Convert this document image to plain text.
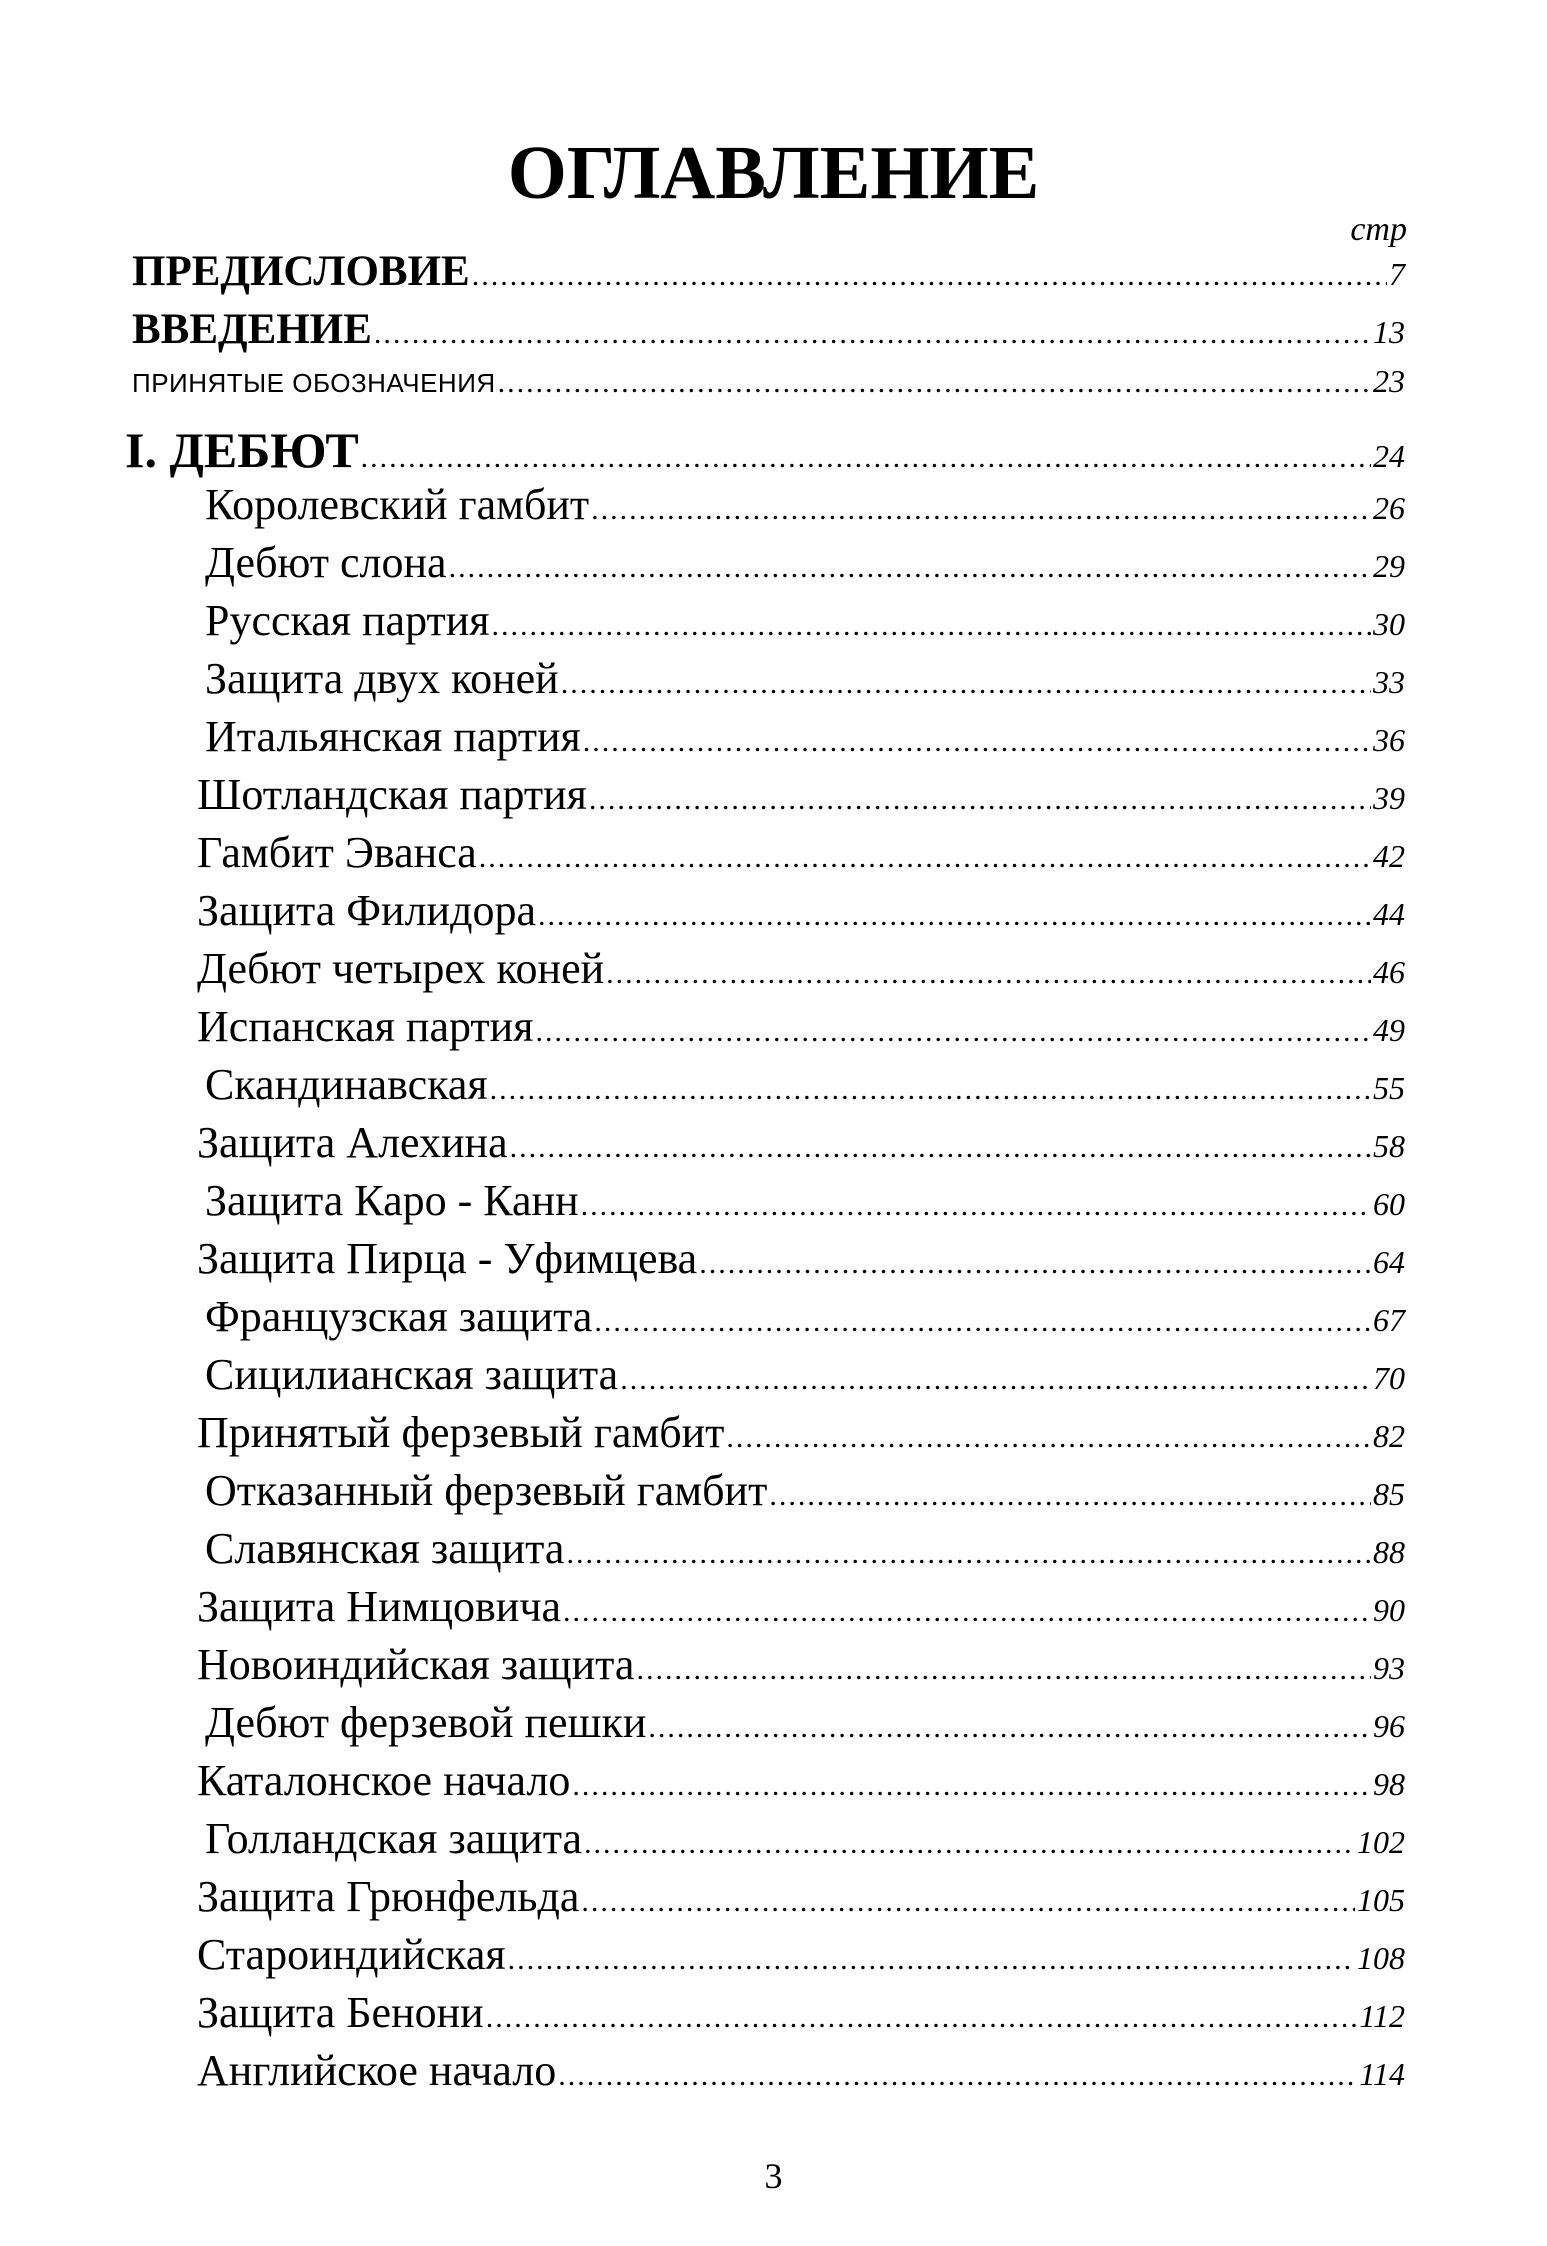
ОГЛАВЛЕНИЕ
стр
ПРЕДИСЛОВИЕ .....	7
ВВЕДЕНИЕ .....	13
ПРИНЯТЫЕ ОБОЗНАЧЕНИЯ .....	23
I. ДЕБЮТ .....	24
Королевский гамбит .....	26
Дебют слона .....	29
Русская партия .....	30
Защита двух коней .....	33
Итальянская партия .....	36
Шотландская партия .....	39
Гамбит Эванса .....	42
Защита Филидора .....	44
Дебют четырех коней .....	46
Испанская партия .....	49
Скандинавская .....	55
Защита Алехина .....	58
Защита Каро - Канн .....	60
Защита Пирца - Уфимцева .....	64
Французская защита .....	67
Сицилианская защита .....	70
Принятый ферзевый гамбит .....	82
Отказанный ферзевый гамбит .....	85
Славянская защита .....	88
Защита Нимцовича .....	90
Новоиндийская защита .....	93
Дебют ферзевой пешки .....	96
Каталонское начало .....	98
Голландская защита .....	102
Защита Грюнфельда .....	105
Староиндийская .....	108
Защита Бенони .....	112
Английское начало .....	114
3
